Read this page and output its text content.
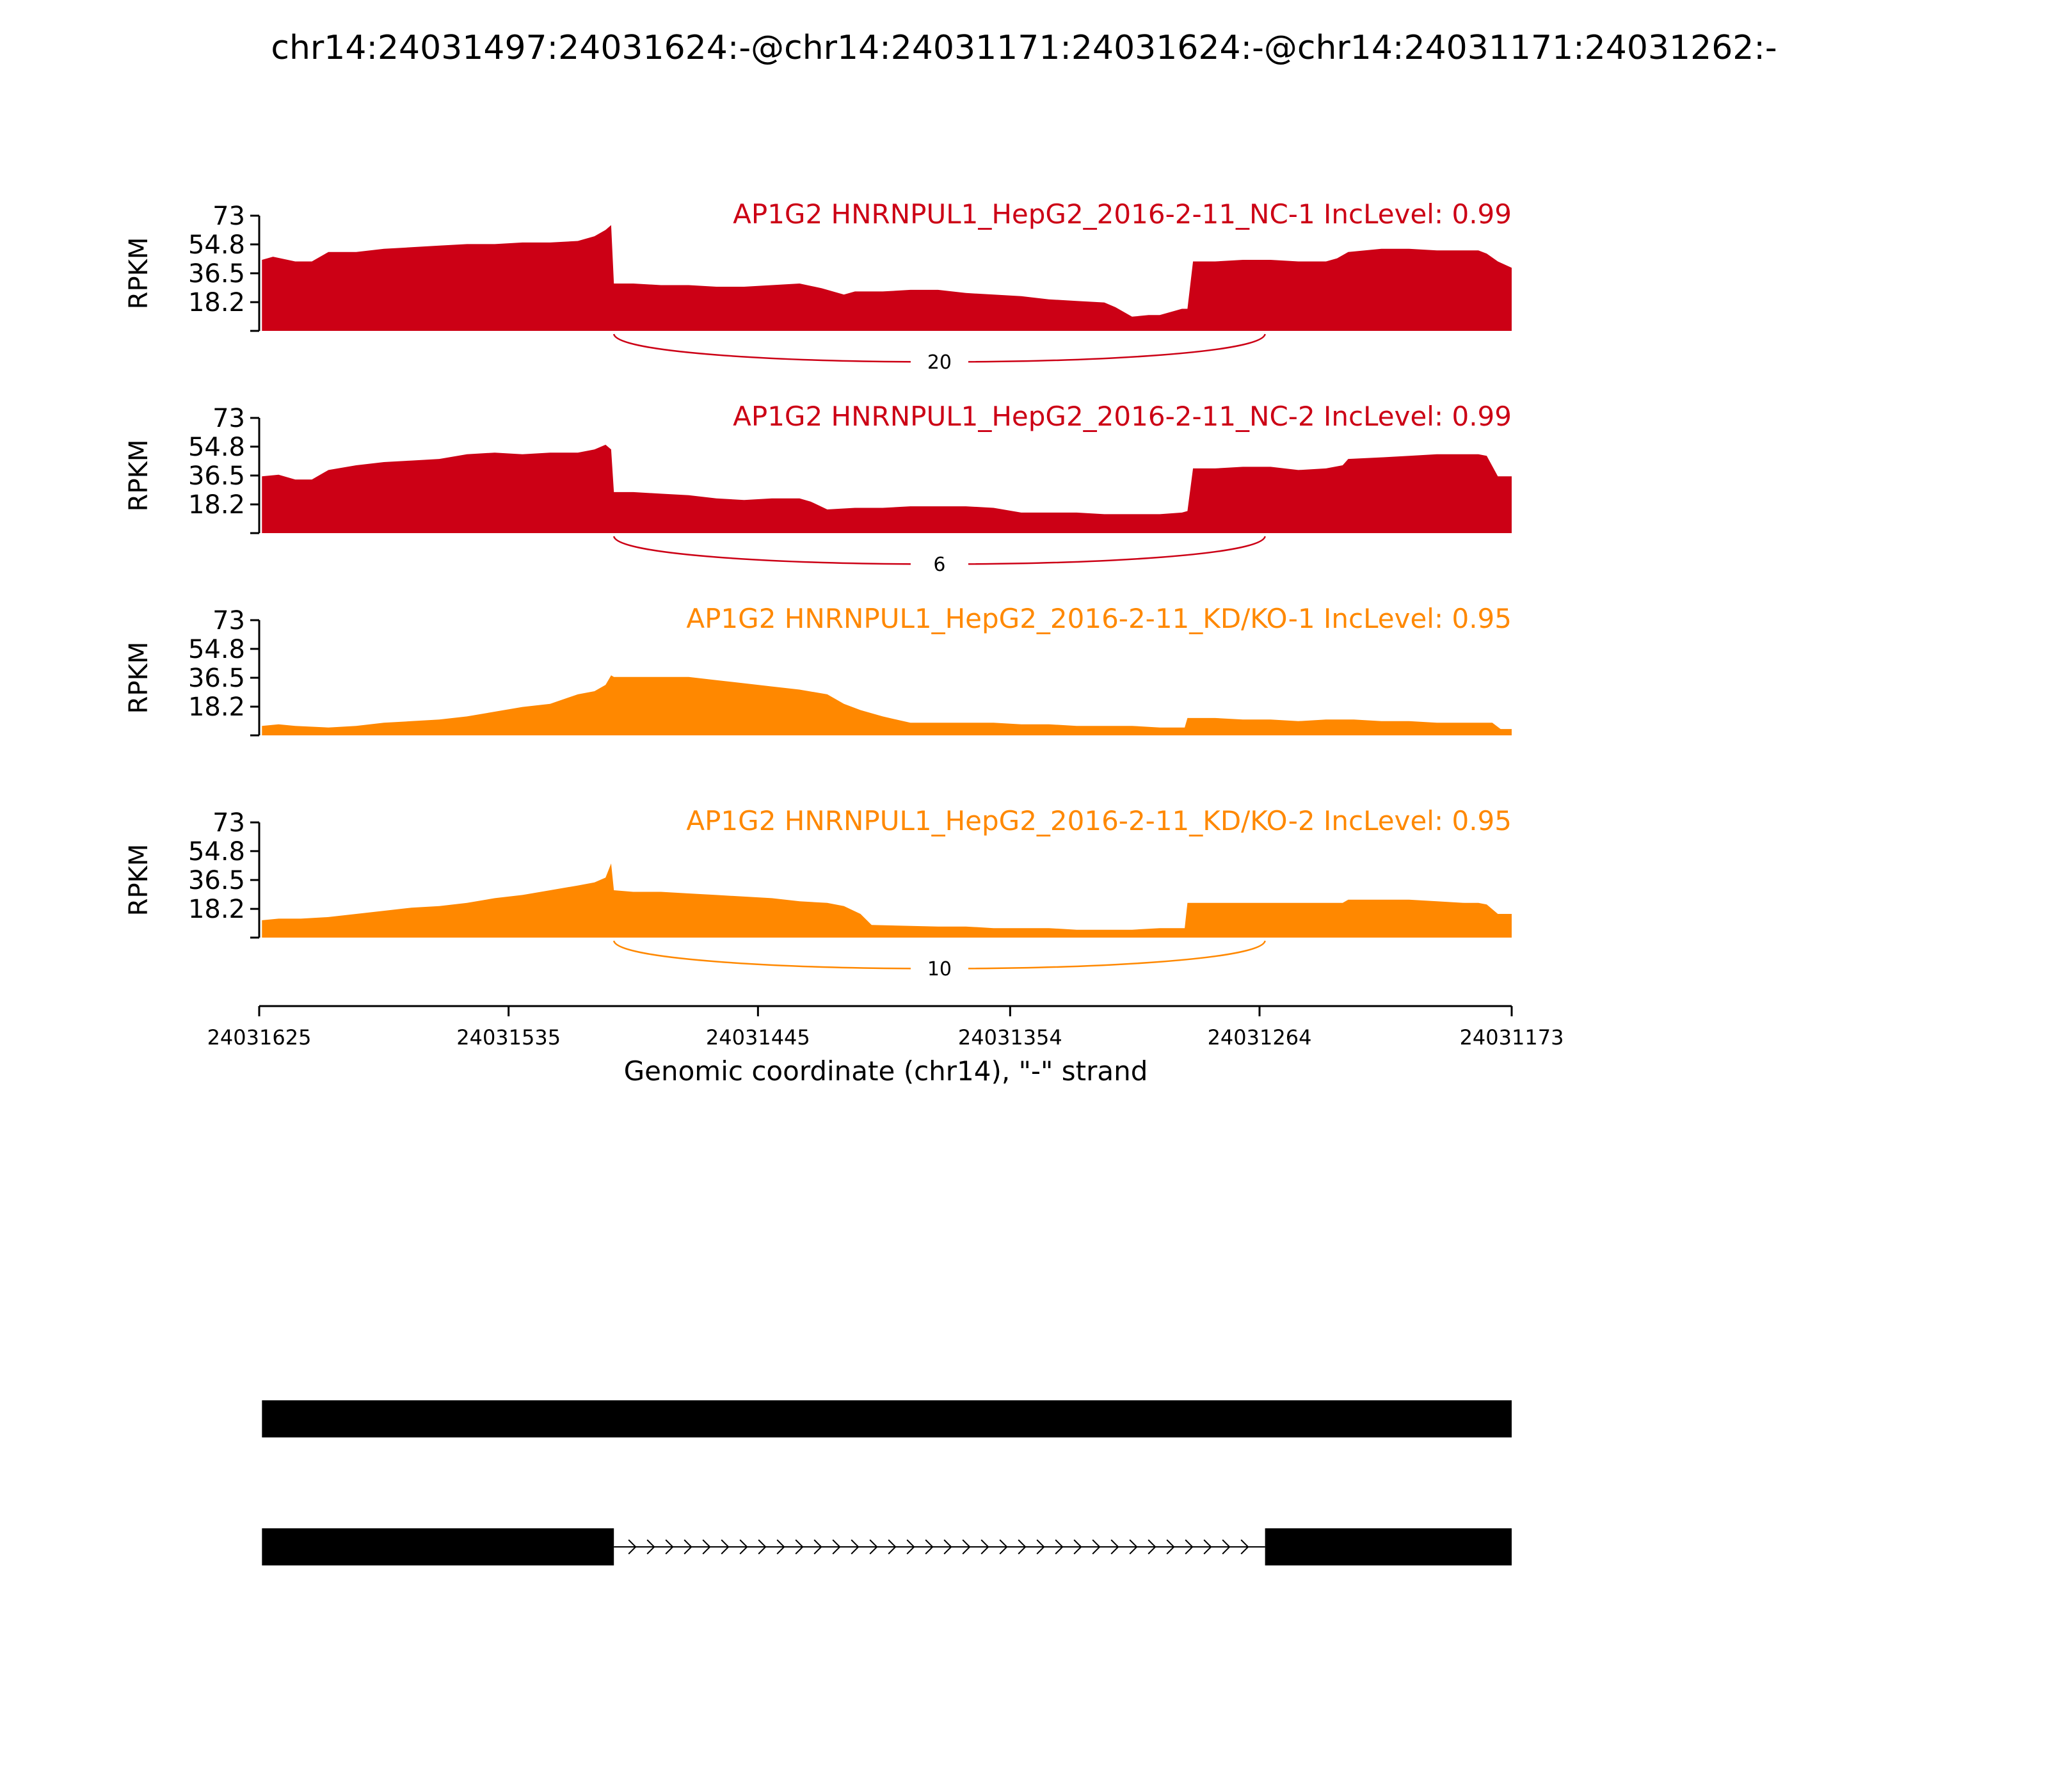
chr14:24031497:24031624:-@chr14:24031171:24031624:-@chr14:24031171:24031262:-
73
54.8
36.5
18.2
RPKM
AP1G2 HNRNPUL1_HepG2_2016-2-11_NC-1 IncLevel: 0.99
20
73
54.8
36.5
18.2
RPKM
AP1G2 HNRNPUL1_HepG2_2016-2-11_NC-2 IncLevel: 0.99
6
73
54.8
36.5
18.2
RPKM
AP1G2 HNRNPUL1_HepG2_2016-2-11_KD/KO-1 IncLevel: 0.95
73
54.8
36.5
18.2
RPKM
AP1G2 HNRNPUL1_HepG2_2016-2-11_KD/KO-2 IncLevel: 0.95
10
24031625	24031535	24031445	24031354	24031264	24031173
Genomic coordinate (chr14), "-" strand
